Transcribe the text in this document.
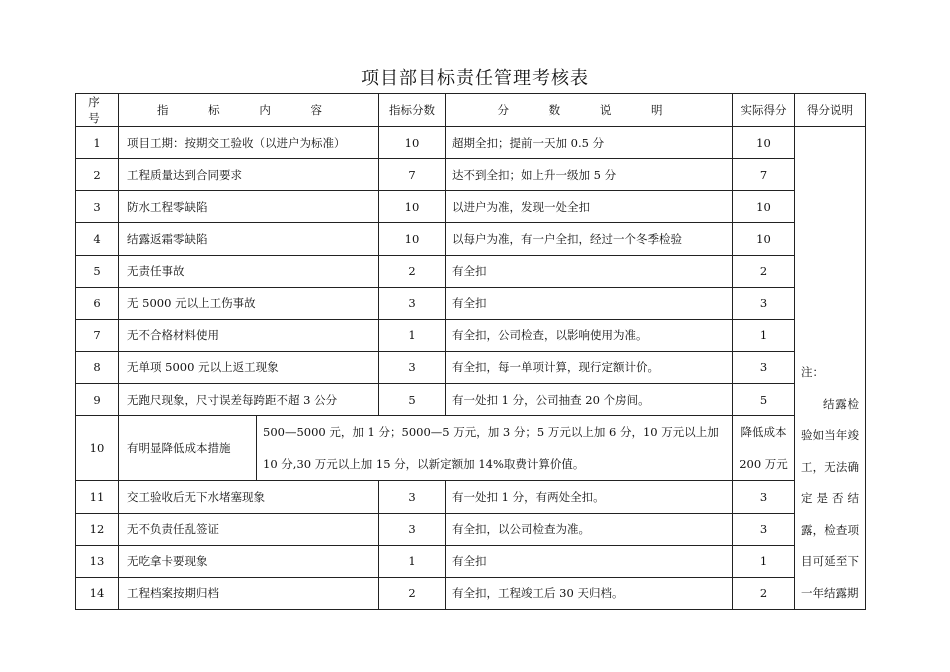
项目部目标责任管理考核表
序 号	指 标 内 容		指标分数	分 数 说 明	实际得分	得分说明
1	项目工期：按期交工验收（以进户为标准）		10	超期全扣；提前一天加 0.5 分	10	注：
结露检验如当年竣工，无法确定是否结露，检查项目可延至下一年结露期

2	工程质量达到合同要求		7	达不到全扣；如上升一级加 5 分	7	
3	防水工程零缺陷		10	以进户为准，发现一处全扣	10	
4	结露返霜零缺陷		10	以每户为准，有一户全扣，经过一个冬季检验	10	
5	无责任事故		2	有全扣	2	
6	无 5000 元以上工伤事故		3	有全扣	3	
7	无不合格材料使用		1	有全扣，公司检查，以影响使用为准。	1	
8	无单项 5000 元以上返工现象		3	有全扣，每一单项计算，现行定额计价。	3	
9	无跑尺现象，尺寸误差每跨距不超 3 公分		5	有一处扣 1 分，公司抽查 20 个房间。	5	
10	有明显降低成本措施	500—5000 元，加 1 分；5000—5 万元，加 3 分；5 万元以上加 6 分，10 万元以上加 10 分,30 万元以上加 15 分，以新定额加 14%取费计算价值。			降低成本 200 万元	
11	交工验收后无下水堵塞现象		3	有一处扣 1 分，有两处全扣。	3	
12	无不负责任乱签证		3	有全扣，以公司检查为准。	3	
13	无吃拿卡要现象		1	有全扣	1	
14	工程档案按期归档		2	有全扣，工程竣工后 30 天归档。	2	
